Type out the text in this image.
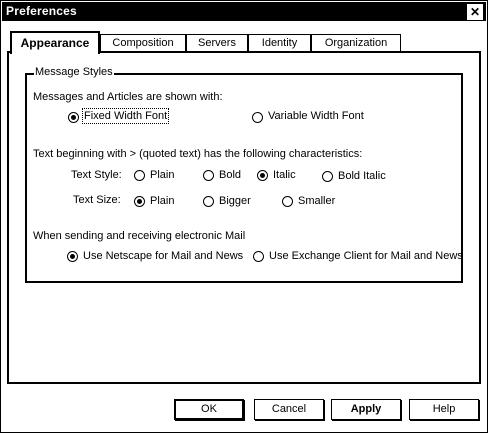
Preferences	✕
Appearance	Composition	Servers	Identity	Organization
Message Styles
Messages and Articles are shown with:
Fixed Width Font	Variable Width Font
Text beginning with > (quoted text) has the following characteristics:
Text Style:	Plain	Bold	Italic	Bold Italic
Text Size:	Plain	Bigger	Smaller
When sending and receiving electronic Mail
Use Netscape for Mail and News Use Exchange Client for Mail and News
OK	Cancel	Apply	Help
